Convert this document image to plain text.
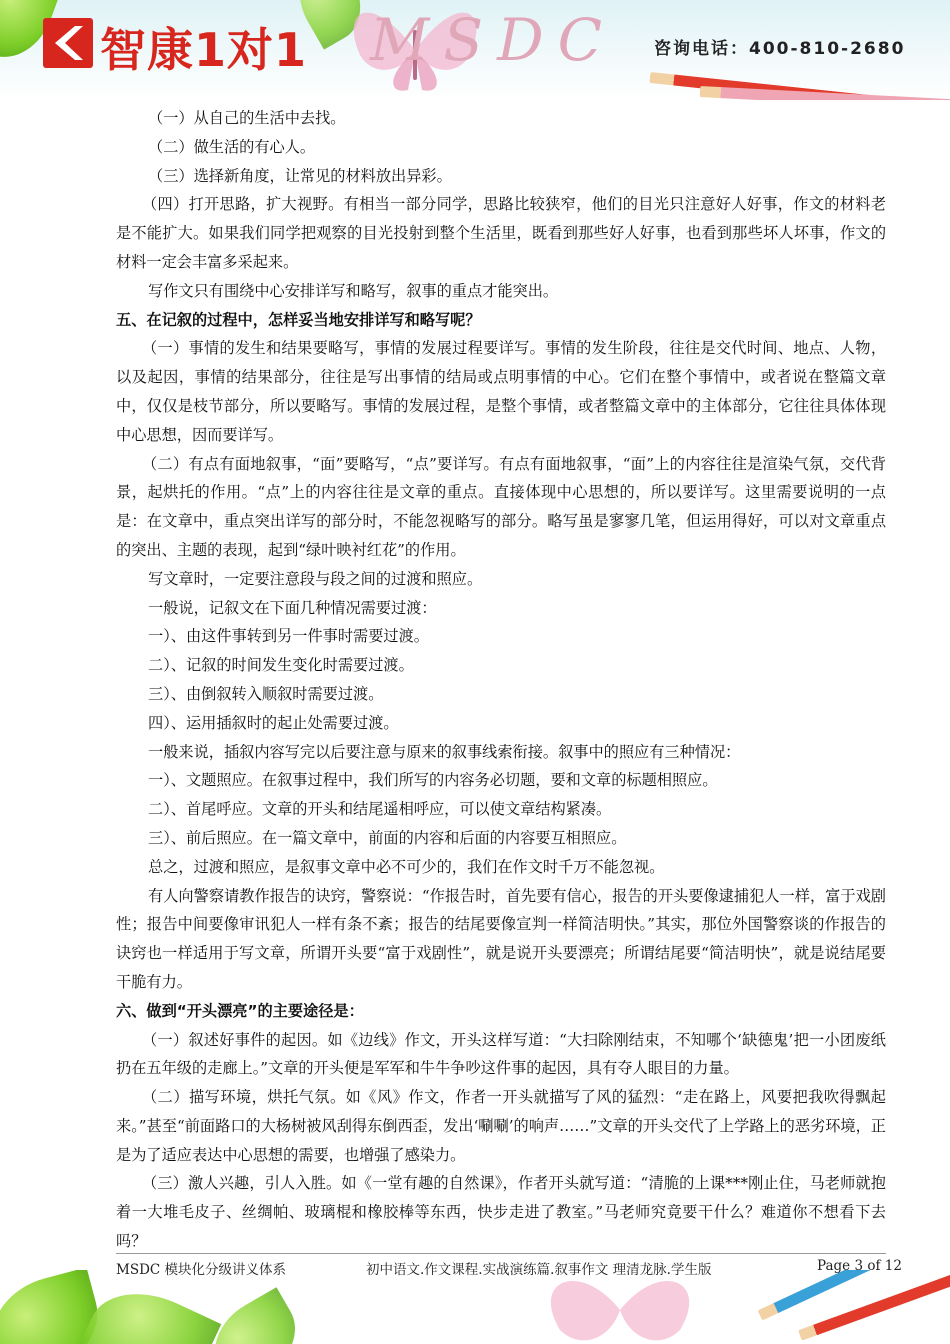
智康1对1 MSDC 咨询电话：400-810-2680

（一）从自己的生活中去找。

（二）做生活的有心人。

（三）选择新角度，让常见的材料放出异彩。

（四）打开思路，扩大视野。有相当一部分同学，思路比较狭窄，他们的目光只注意好人好事，作文的材料老是不能扩大。如果我们同学把观察的目光投射到整个生活里，既看到那些好人好事，也看到那些坏人坏事，作文的材料一定会丰富多采起来。

写作文只有围绕中心安排详写和略写，叙事的重点才能突出。

五、在记叙的过程中，怎样妥当地安排详写和略写呢？

（一）事情的发生和结果要略写，事情的发展过程要详写。事情的发生阶段，往往是交代时间、地点、人物，以及起因，事情的结果部分，往往是写出事情的结局或点明事情的中心。它们在整个事情中，或者说在整篇文章中，仅仅是枝节部分，所以要略写。事情的发展过程，是整个事情，或者整篇文章中的主体部分，它往往具体体现中心思想，因而要详写。

（二）有点有面地叙事，“面”要略写，“点”要详写。有点有面地叙事，“面”上的内容往往是渲染气氛，交代背景，起烘托的作用。“点”上的内容往往是文章的重点。直接体现中心思想的，所以要详写。这里需要说明的一点是：在文章中，重点突出详写的部分时，不能忽视略写的部分。略写虽是寥寥几笔，但运用得好，可以对文章重点的突出、主题的表现，起到“绿叶映衬红花”的作用。

写文章时，一定要注意段与段之间的过渡和照应。

一般说，记叙文在下面几种情况需要过渡：

一）、由这件事转到另一件事时需要过渡。

二）、记叙的时间发生变化时需要过渡。

三）、由倒叙转入顺叙时需要过渡。

四）、运用插叙时的起止处需要过渡。

一般来说，插叙内容写完以后要注意与原来的叙事线索衔接。叙事中的照应有三种情况：

一）、文题照应。在叙事过程中，我们所写的内容务必切题，要和文章的标题相照应。

二）、首尾呼应。文章的开头和结尾遥相呼应，可以使文章结构紧凑。

三）、前后照应。在一篇文章中，前面的内容和后面的内容要互相照应。

总之，过渡和照应，是叙事文章中必不可少的，我们在作文时千万不能忽视。

有人向警察请教作报告的诀窍，警察说：“作报告时，首先要有信心，报告的开头要像逮捕犯人一样，富于戏剧性；报告中间要像审讯犯人一样有条不紊；报告的结尾要像宣判一样简洁明快。”其实，那位外国警察谈的作报告的诀窍也一样适用于写文章，所谓开头要“富于戏剧性”，就是说开头要漂亮；所谓结尾要“简洁明快”，就是说结尾要干脆有力。

六、做到“开头漂亮”的主要途径是：

（一）叙述好事件的起因。如《边线》作文，开头这样写道：“大扫除刚结束，不知哪个‘缺德鬼’把一小团废纸扔在五年级的走廊上。”文章的开头便是军军和牛牛争吵这件事的起因，具有夺人眼目的力量。

（二）描写环境，烘托气氛。如《风》作文，作者一开头就描写了风的猛烈：“走在路上，风要把我吹得飘起来。”甚至“前面路口的大杨树被风刮得东倒西歪，发出‘唰唰’的响声……”文章的开头交代了上学路上的恶劣环境，正是为了适应表达中心思想的需要，也增强了感染力。

（三）激人兴趣，引人入胜。如《一堂有趣的自然课》，作者开头就写道：“清脆的上课***刚止住，马老师就抱着一大堆毛皮子、丝绸帕、玻璃棍和橡胶棒等东西，快步走进了教室。”马老师究竟要干什么？难道你不想看下去吗？

MSDC 模块化分级讲义体系	初中语文.作文课程.实战演练篇.叙事作文 理清龙脉.学生版	Page 3 of 12
